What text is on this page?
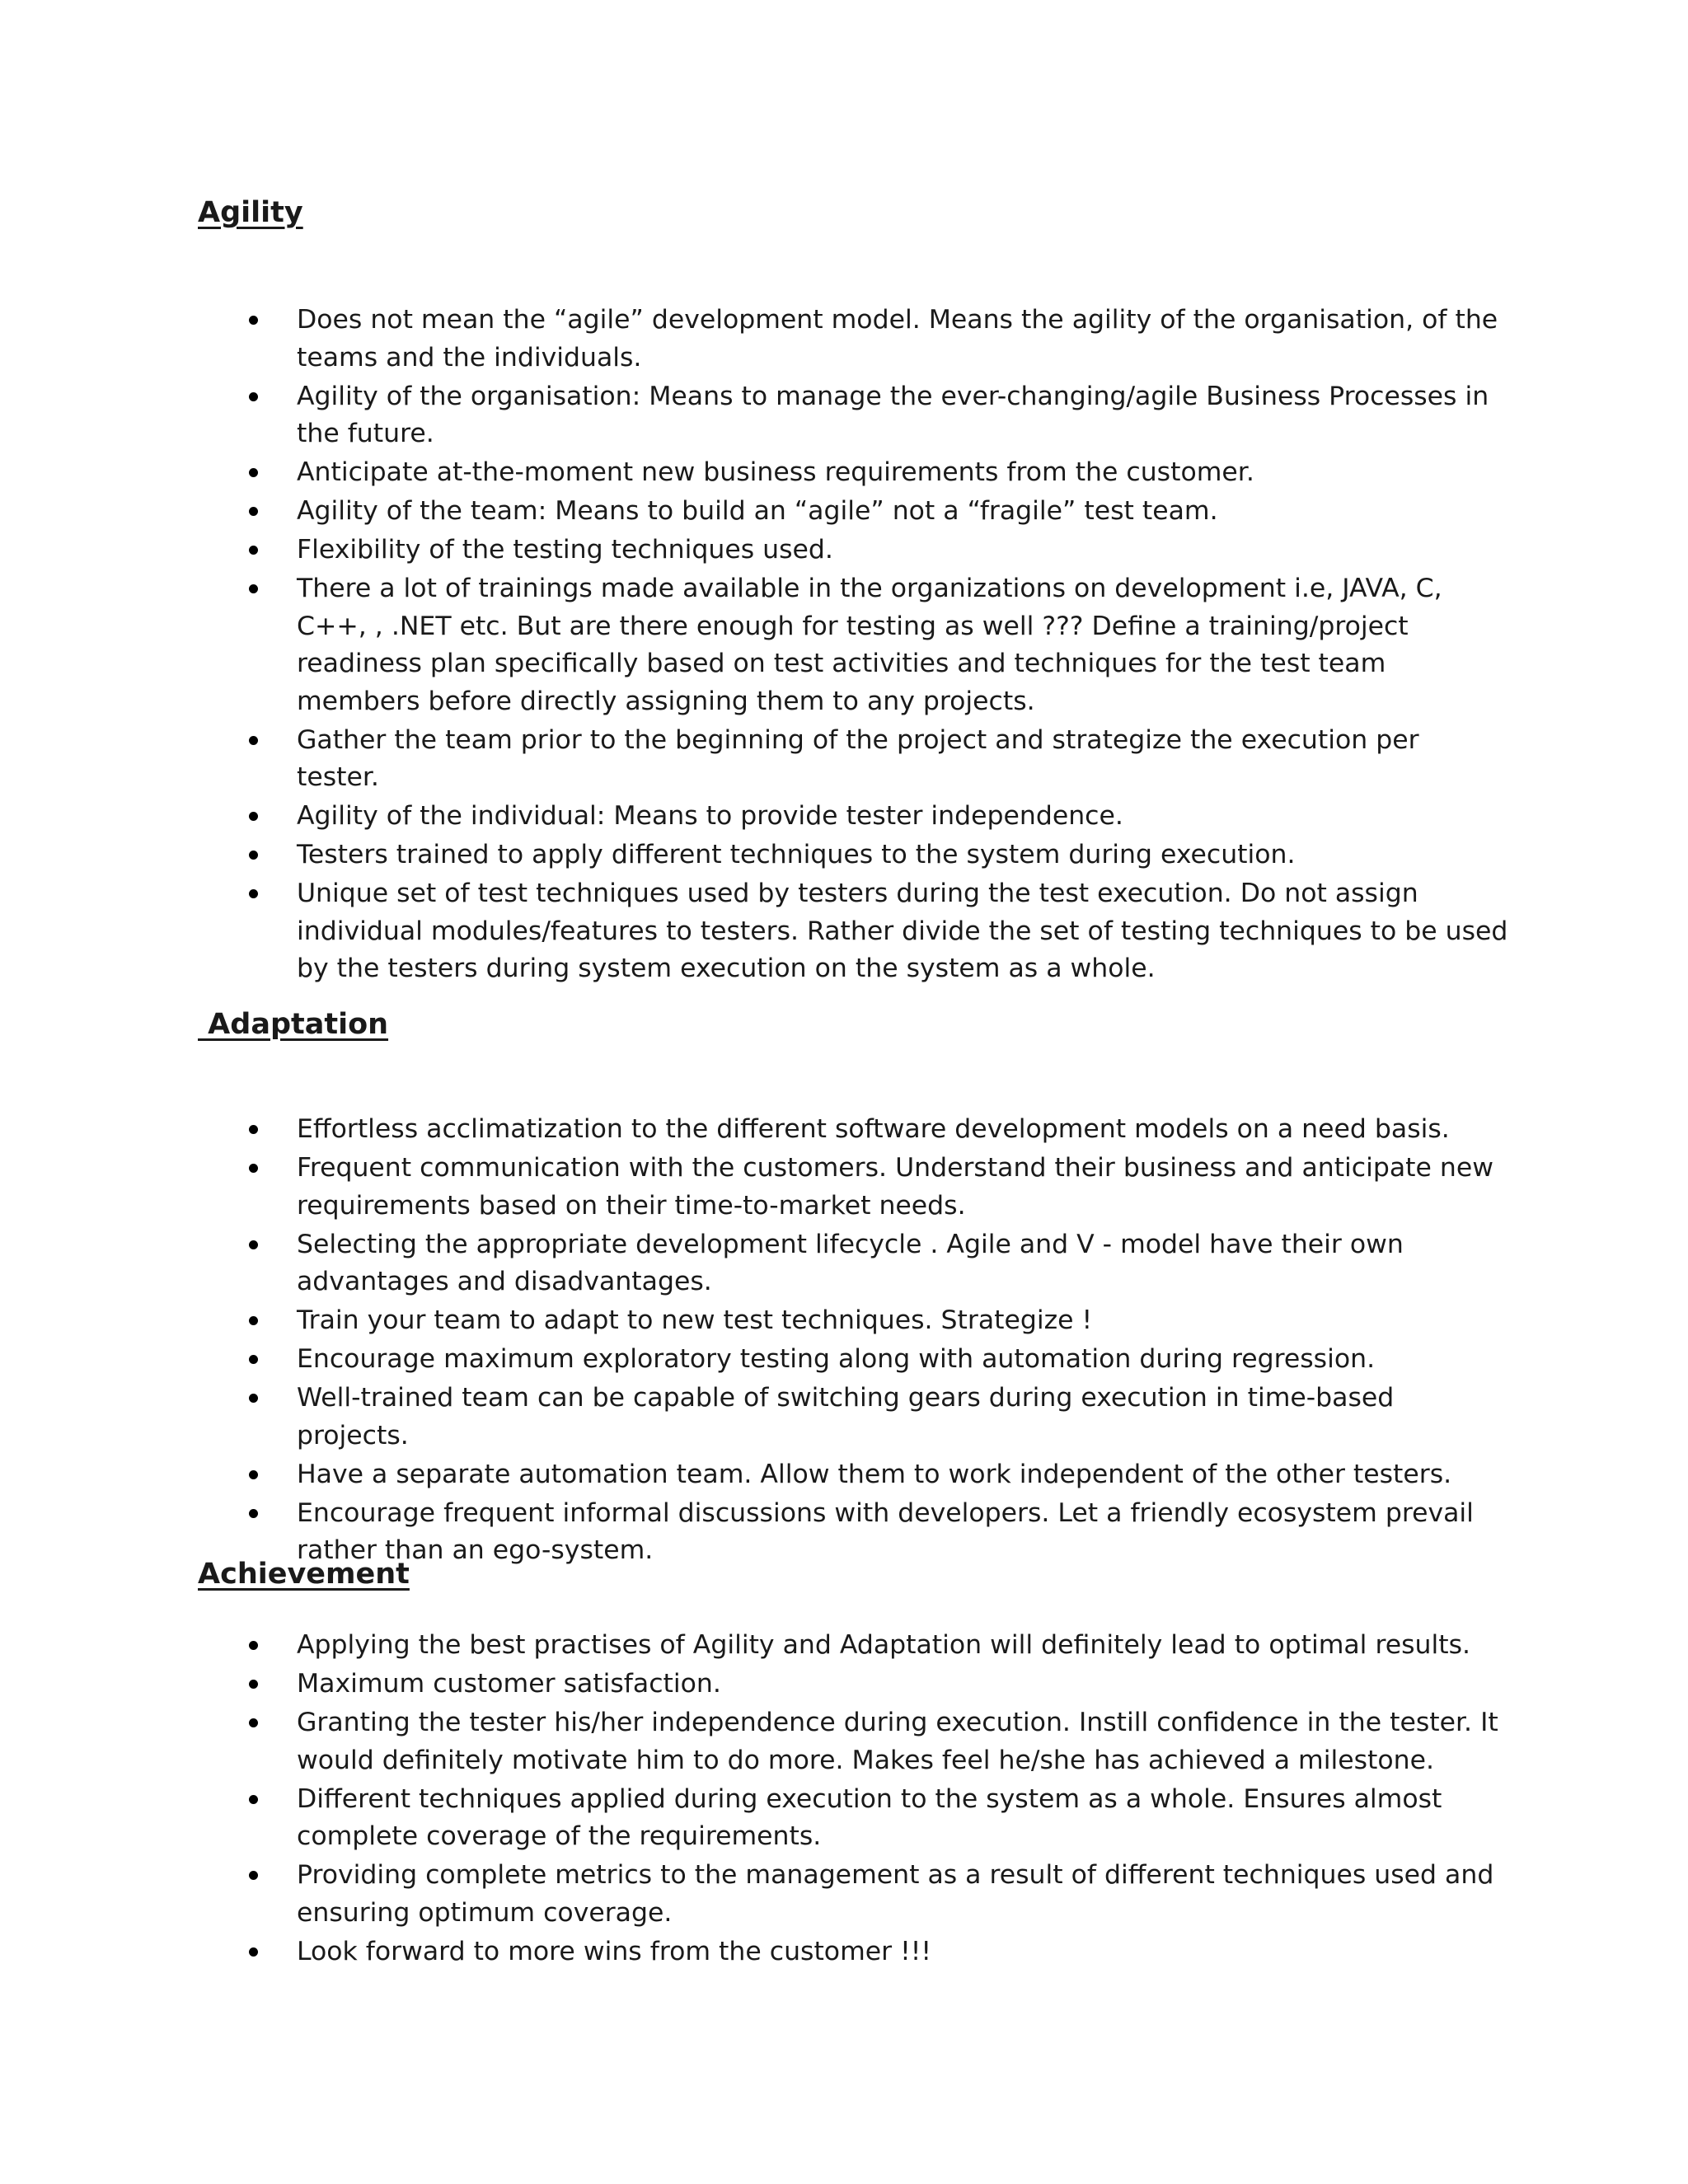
Agility
Does not mean the “agile” development model. Means the agility of the organisation, of the teams and the individuals.
Agility of the organisation: Means to manage the ever-changing/agile Business Processes in the future.
Anticipate at-the-moment new business requirements from the customer.
Agility of the team: Means to build an “agile” not a “fragile” test team.
Flexibility of the testing techniques used.
There a lot of trainings made available in the organizations on development i.e, JAVA, C, C++, , .NET etc. But are there enough for testing as well ??? Define a training/project readiness plan specifically based on test activities and techniques for the test team members before directly assigning them to any projects.
Gather the team prior to the beginning of the project and strategize the execution per tester.
Agility of the individual: Means to provide tester independence.
Testers trained to apply different techniques to the system during execution.
Unique set of test techniques used by testers during the test execution. Do not assign individual modules/features to testers. Rather divide the set of testing techniques to be used by the testers during system execution on the system as a whole.
Adaptation
Effortless acclimatization to the different software development models on a need basis.
Frequent communication with the customers. Understand their business and anticipate new requirements based on their time-to-market needs.
Selecting the appropriate development lifecycle . Agile and V - model have their own advantages and disadvantages.
Train your team to adapt to new test techniques. Strategize !
Encourage maximum exploratory testing along with automation during regression.
Well-trained team can be capable of switching gears during execution in time-based projects.
Have a separate automation team. Allow them to work independent of the other testers.
Encourage frequent informal discussions with developers. Let a friendly ecosystem prevail rather than an ego-system.
Achievement
Applying the best practises of Agility and Adaptation will definitely lead to optimal results.
Maximum customer satisfaction.
Granting the tester his/her independence during execution. Instill confidence in the tester. It would definitely motivate him to do more. Makes feel he/she has achieved a milestone.
Different techniques applied during execution to the system as a whole. Ensures almost complete coverage of the requirements.
Providing complete metrics to the management as a result of different techniques used and ensuring optimum coverage.
Look forward to more wins from the customer !!!
